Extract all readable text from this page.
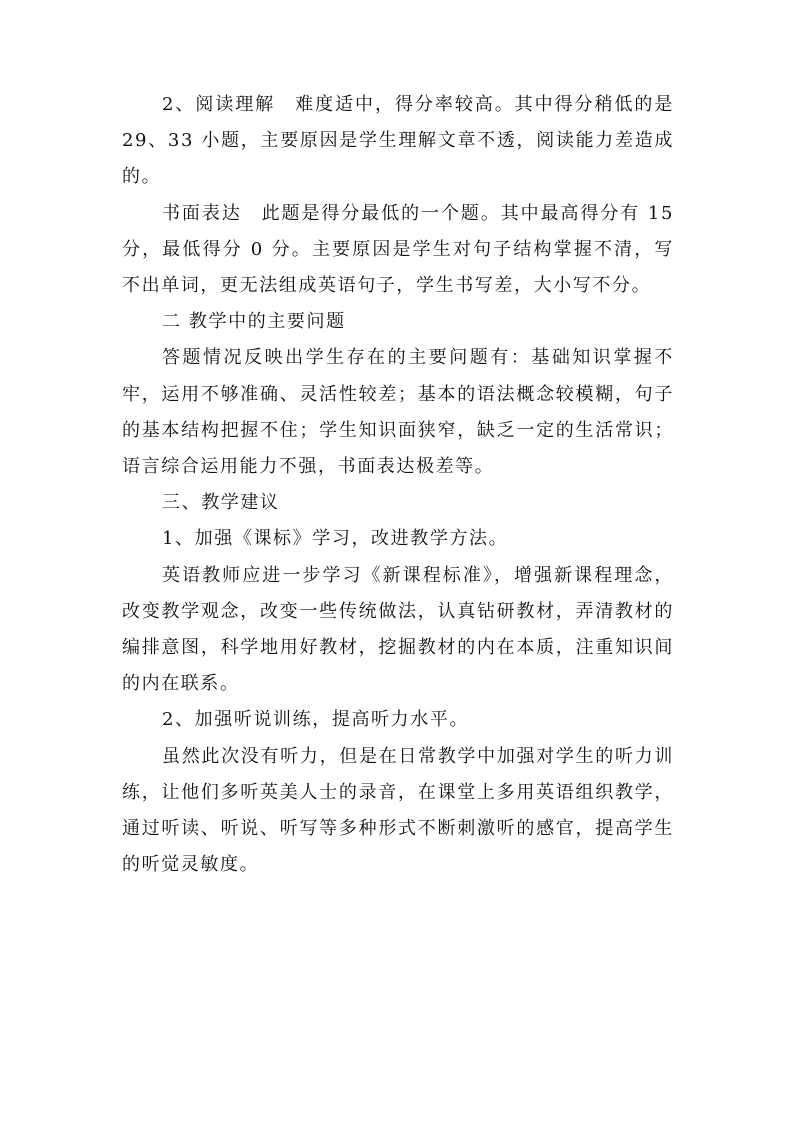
2、阅读理解　难度适中，得分率较高。其中得分稍低的是 29、33 小题，主要原因是学生理解文章不透，阅读能力差造成的。

书面表达　此题是得分最低的一个题。其中最高得分有 15 分，最低得分 0 分。主要原因是学生对句子结构掌握不清，写不出单词，更无法组成英语句子，学生书写差，大小写不分。

二 教学中的主要问题

答题情况反映出学生存在的主要问题有：基础知识掌握不牢，运用不够准确、灵活性较差；基本的语法概念较模糊，句子的基本结构把握不住；学生知识面狭窄，缺乏一定的生活常识；语言综合运用能力不强，书面表达极差等。

三、教学建议

1、加强《课标》学习，改进教学方法。

英语教师应进一步学习《新课程标准》，增强新课程理念，改变教学观念，改变一些传统做法，认真钻研教材，弄清教材的编排意图，科学地用好教材，挖掘教材的内在本质，注重知识间的内在联系。

2、加强听说训练，提高听力水平。

虽然此次没有听力，但是在日常教学中加强对学生的听力训练，让他们多听英美人士的录音，在课堂上多用英语组织教学，通过听读、听说、听写等多种形式不断刺激听的感官，提高学生的听觉灵敏度。
